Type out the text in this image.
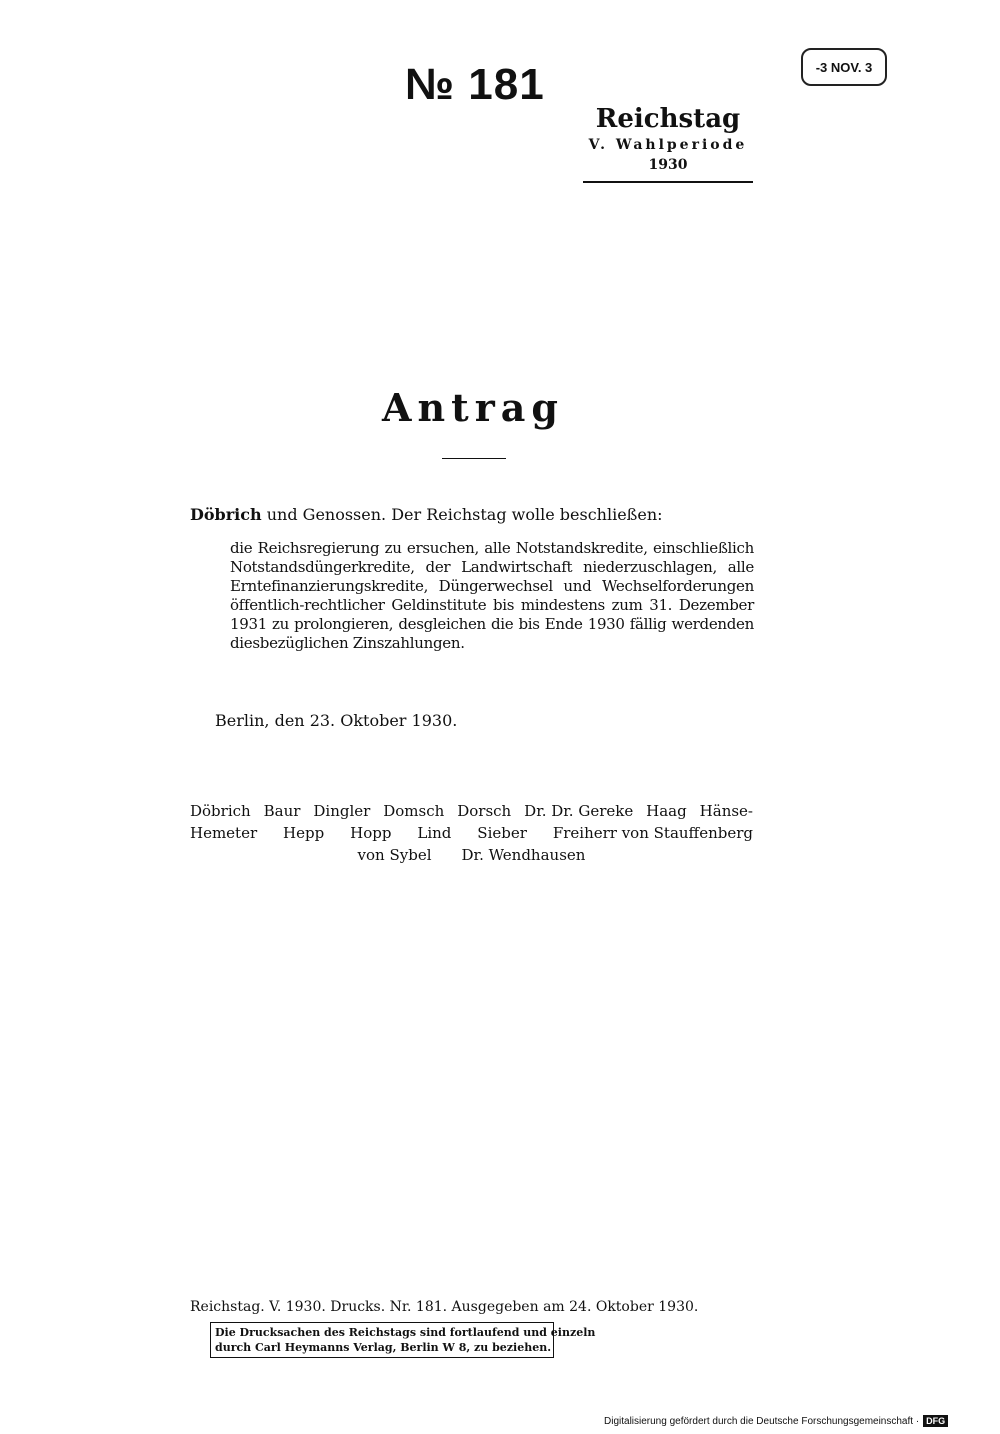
№ 181	-3 NOV. 3
Reichstag
V. Wahlperiode
1930
Antrag
Döbrich und Genossen. Der Reichstag wolle beschließen:
die Reichsregierung zu ersuchen, alle Notstandskredite, einschließlich Notstandsdüngerkredite, der Landwirtschaft niederzuschlagen, alle Erntefinanzierungskredite, Düngerwechsel und Wechselforderungen öffentlich-rechtlicher Geldinstitute bis mindestens zum 31. Dezember 1931 zu prolongieren, desgleichen die bis Ende 1930 fällig werdenden diesbezüglichen Zinszahlungen.
Berlin, den 23. Oktober 1930.
Döbrich Baur Dingler Domsch Dorsch Dr. Dr. Gereke Haag Hänse-
Hemeter Hepp Hopp Lind Sieber Freiherr von Stauffenberg
von Sybel Dr. Wendhausen
Reichstag. V. 1930. Drucks. Nr. 181. Ausgegeben am 24. Oktober 1930.
Die Drucksachen des Reichstags sind fortlaufend und einzeln
durch Carl Heymanns Verlag, Berlin W 8, zu beziehen.
Digitalisierung gefördert durch die Deutsche Forschungsgemeinschaft · DFG
